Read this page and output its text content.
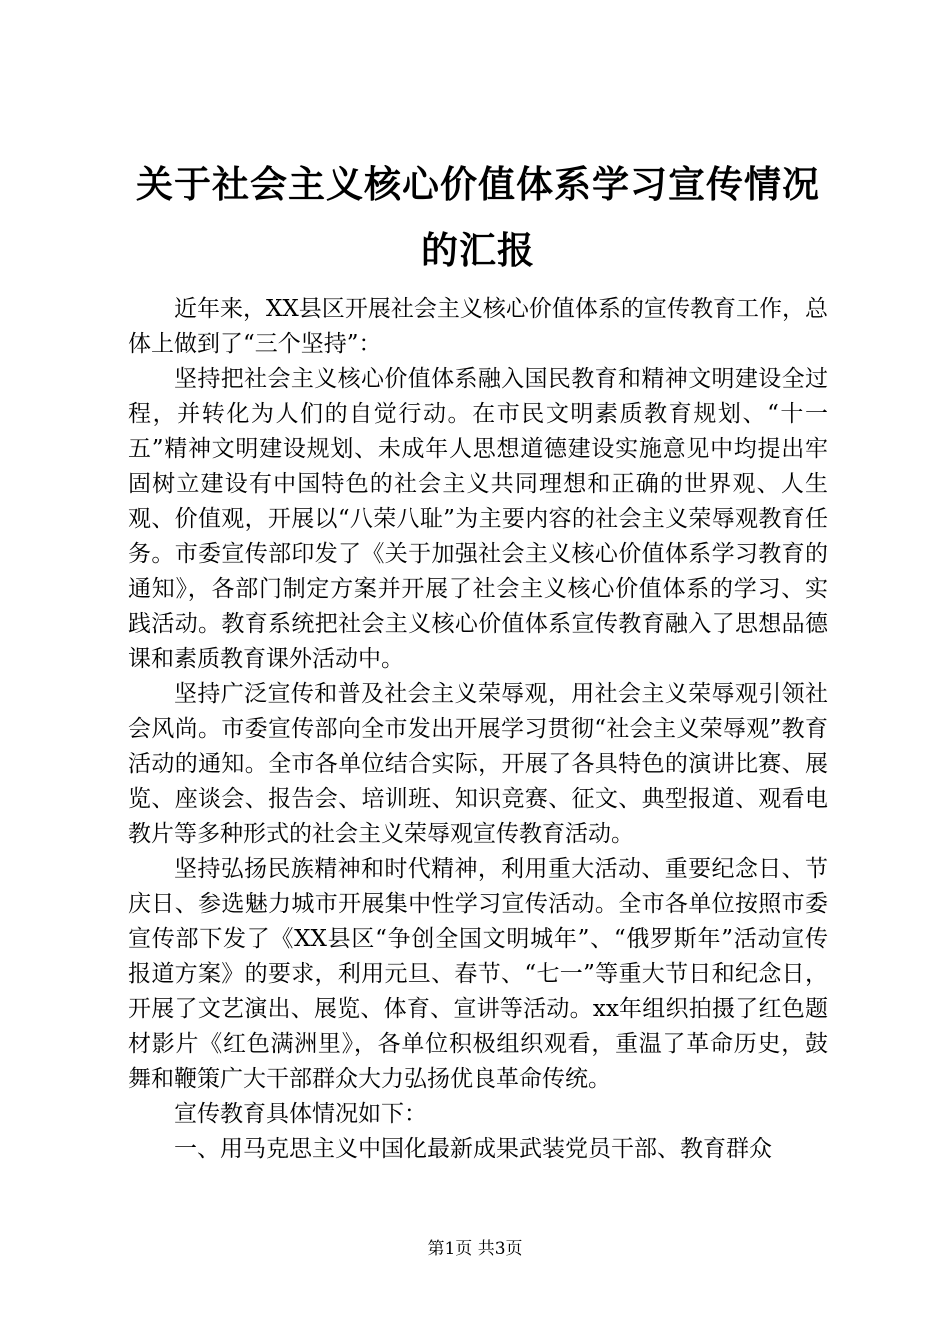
关于社会主义核心价值体系学习宣传情况的汇报

近年来，XX县区开展社会主义核心价值体系的宣传教育工作，总体上做到了“三个坚持”：

坚持把社会主义核心价值体系融入国民教育和精神文明建设全过程，并转化为人们的自觉行动。在市民文明素质教育规划、“十一五”精神文明建设规划、未成年人思想道德建设实施意见中均提出牢固树立建设有中国特色的社会主义共同理想和正确的世界观、人生观、价值观，开展以“八荣八耻”为主要内容的社会主义荣辱观教育任务。市委宣传部印发了《关于加强社会主义核心价值体系学习教育的通知》，各部门制定方案并开展了社会主义核心价值体系的学习、实践活动。教育系统把社会主义核心价值体系宣传教育融入了思想品德课和素质教育课外活动中。

坚持广泛宣传和普及社会主义荣辱观，用社会主义荣辱观引领社会风尚。市委宣传部向全市发出开展学习贯彻“社会主义荣辱观”教育活动的通知。全市各单位结合实际，开展了各具特色的演讲比赛、展览、座谈会、报告会、培训班、知识竞赛、征文、典型报道、观看电教片等多种形式的社会主义荣辱观宣传教育活动。

坚持弘扬民族精神和时代精神，利用重大活动、重要纪念日、节庆日、参选魅力城市开展集中性学习宣传活动。全市各单位按照市委宣传部下发了《XX县区“争创全国文明城年”、“俄罗斯年”活动宣传报道方案》的要求，利用元旦、春节、“七一”等重大节日和纪念日，开展了文艺演出、展览、体育、宣讲等活动。xx年组织拍摄了红色题材影片《红色满洲里》，各单位积极组织观看，重温了革命历史，鼓舞和鞭策广大干部群众大力弘扬优良革命传统。

宣传教育具体情况如下：

一、用马克思主义中国化最新成果武装党员干部、教育群众

第1页 共3页
